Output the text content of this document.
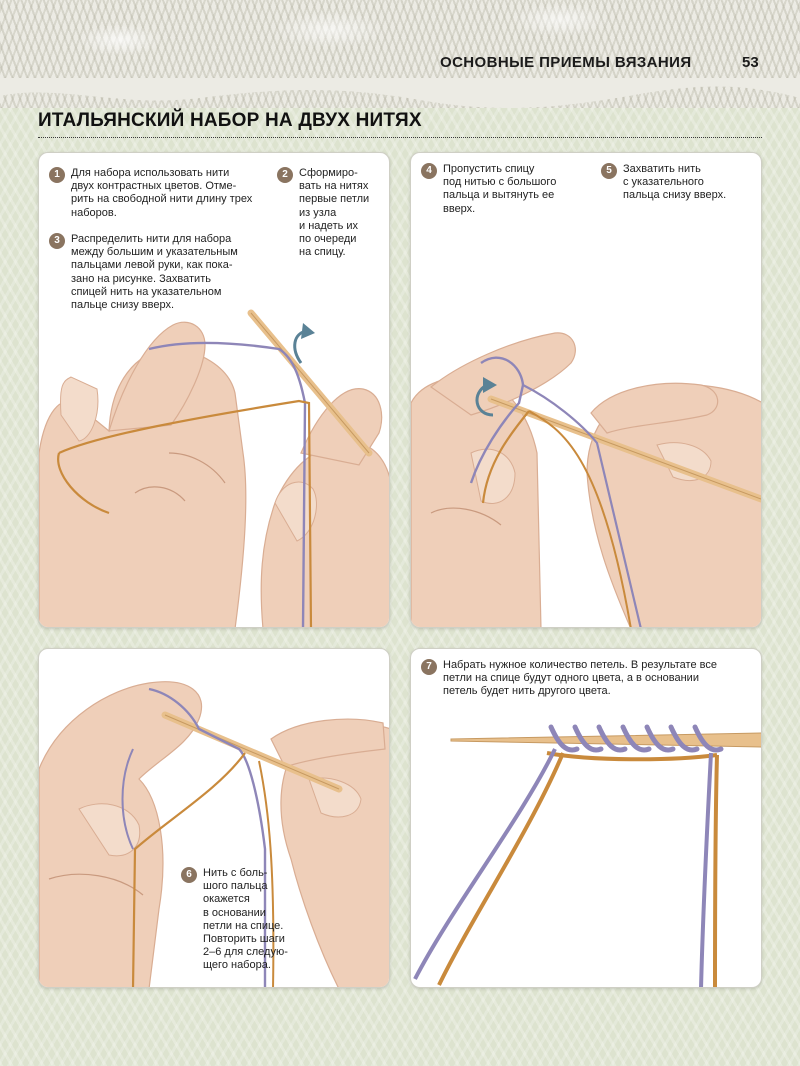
ОСНОВНЫЕ ПРИЕМЫ ВЯЗАНИЯ	53
ИТАЛЬЯНСКИЙ НАБОР НА ДВУХ НИТЯХ
1	Для набора использовать нити
двух контрастных цветов. Отме-
рить на свободной нити длину трех
наборов.
2	Сформиро-
вать на нитях
первые петли
из узла
и надеть их
по очереди
на спицу.
3	Распределить нити для набора
между большим и указательным
пальцами левой руки, как пока-
зано на рисунке. Захватить
спицей нить на указательном
пальце снизу вверх.
4	Пропустить спицу
под нитью с большого
пальца и вытянуть ее
вверх.
5	Захватить нить
с указательного
пальца снизу вверх.
6	Нить с боль-
шого пальца
окажется
в основании
петли на спице.
Повторить шаги
2–6 для следую-
щего набора.
7	Набрать нужное количество петель. В результате все
петли на спице будут одного цвета, а в основании
петель будет нить другого цвета.
